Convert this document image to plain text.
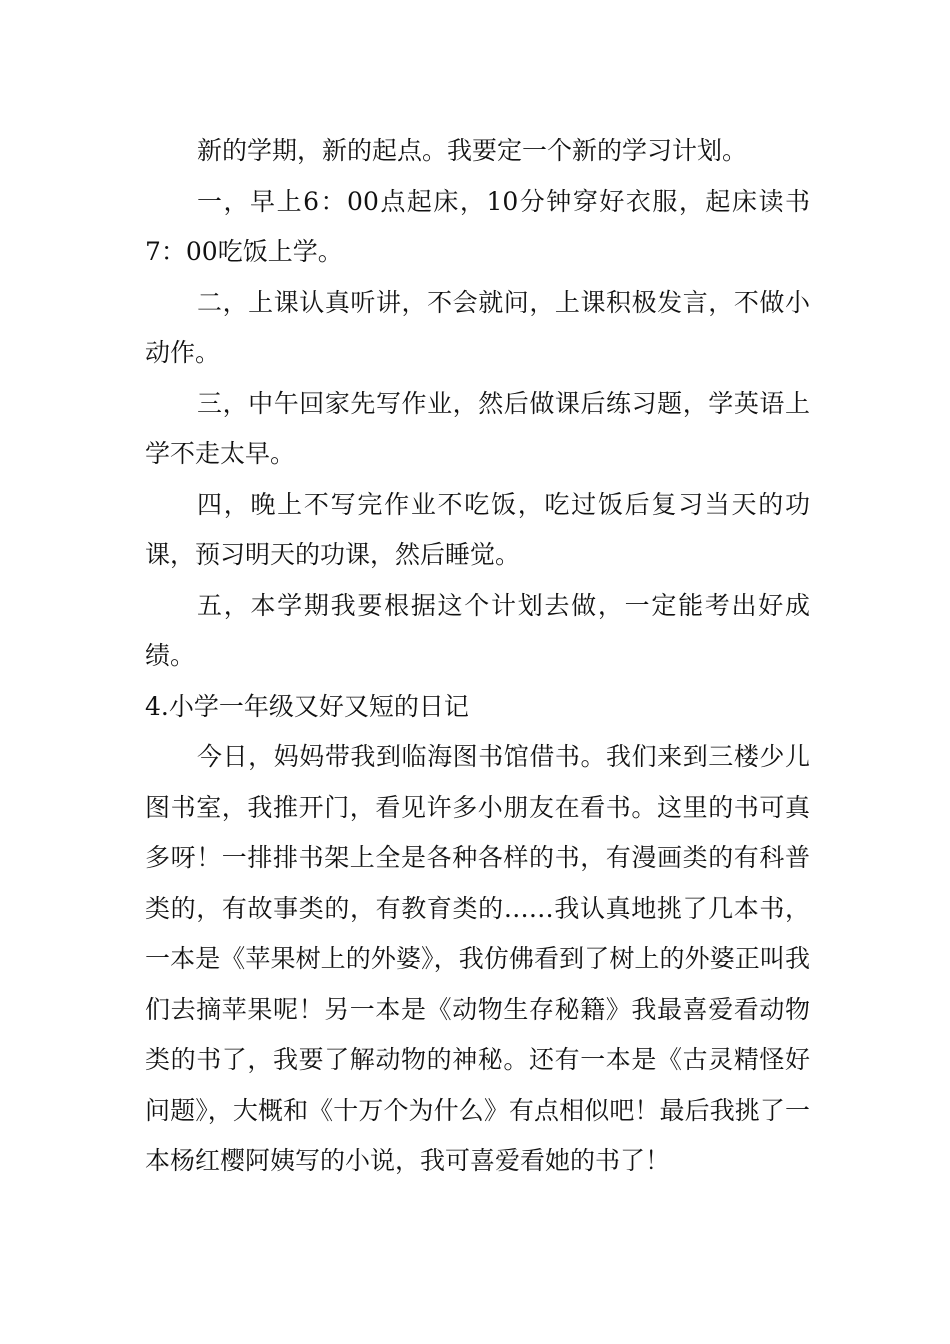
新的学期，新的起点。我要定一个新的学习计划。

一，早上6：00点起床，10分钟穿好衣服，起床读书7：00吃饭上学。

二，上课认真听讲，不会就问，上课积极发言，不做小动作。

三，中午回家先写作业，然后做课后练习题，学英语上学不走太早。

四，晚上不写完作业不吃饭，吃过饭后复习当天的功课，预习明天的功课，然后睡觉。

五，本学期我要根据这个计划去做，一定能考出好成绩。

4.小学一年级又好又短的日记

今日，妈妈带我到临海图书馆借书。我们来到三楼少儿图书室，我推开门，看见许多小朋友在看书。这里的书可真多呀！一排排书架上全是各种各样的书，有漫画类的有科普类的，有故事类的，有教育类的……我认真地挑了几本书，一本是《苹果树上的外婆》，我仿佛看到了树上的外婆正叫我们去摘苹果呢！另一本是《动物生存秘籍》我最喜爱看动物类的书了，我要了解动物的神秘。还有一本是《古灵精怪好问题》，大概和《十万个为什么》有点相似吧！最后我挑了一本杨红樱阿姨写的小说，我可喜爱看她的书了！
